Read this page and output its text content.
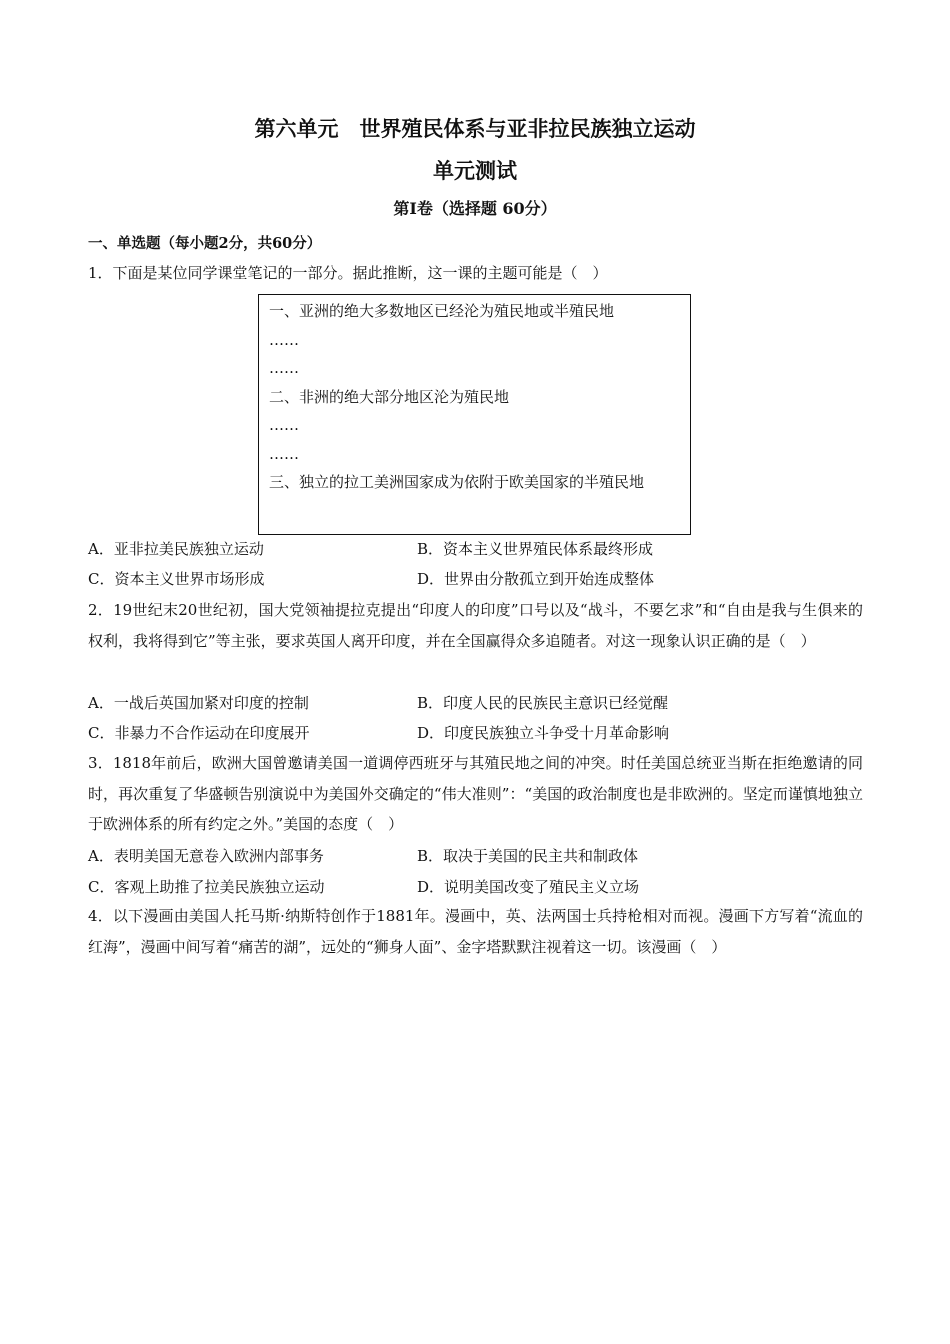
第六单元　世界殖民体系与亚非拉民族独立运动
单元测试
第Ⅰ卷（选择题 60分）
一、单选题（每小题2分，共60分）
1．下面是某位同学课堂笔记的一部分。据此推断，这一课的主题可能是（　）
一、亚洲的绝大多数地区已经沦为殖民地或半殖民地
……
……
二、非洲的绝大部分地区沦为殖民地
……
……
三、独立的拉工美洲国家成为依附于欧美国家的半殖民地
A．亚非拉美民族独立运动	B．资本主义世界殖民体系最终形成
C．资本主义世界市场形成	D．世界由分散孤立到开始连成整体
2．19世纪末20世纪初，国大党领袖提拉克提出“印度人的印度”口号以及“战斗，不要乞求”和“自由是我与生俱来的权利，我将得到它”等主张，要求英国人离开印度，并在全国赢得众多追随者。对这一现象认识正确的是（　）
A．一战后英国加紧对印度的控制	B．印度人民的民族民主意识已经觉醒
C．非暴力不合作运动在印度展开	D．印度民族独立斗争受十月革命影响
3．1818年前后，欧洲大国曾邀请美国一道调停西班牙与其殖民地之间的冲突。时任美国总统亚当斯在拒绝邀请的同时，再次重复了华盛顿告别演说中为美国外交确定的“伟大准则”：“美国的政治制度也是非欧洲的。坚定而谨慎地独立于欧洲体系的所有约定之外。”美国的态度（　）
A．表明美国无意卷入欧洲内部事务	B．取决于美国的民主共和制政体
C．客观上助推了拉美民族独立运动	D．说明美国改变了殖民主义立场
4．以下漫画由美国人托马斯·纳斯特创作于1881年。漫画中，英、法两国士兵持枪相对而视。漫画下方写着“流血的红海”，漫画中间写着“痛苦的湖”，远处的“狮身人面”、金字塔默默注视着这一切。该漫画（　）
